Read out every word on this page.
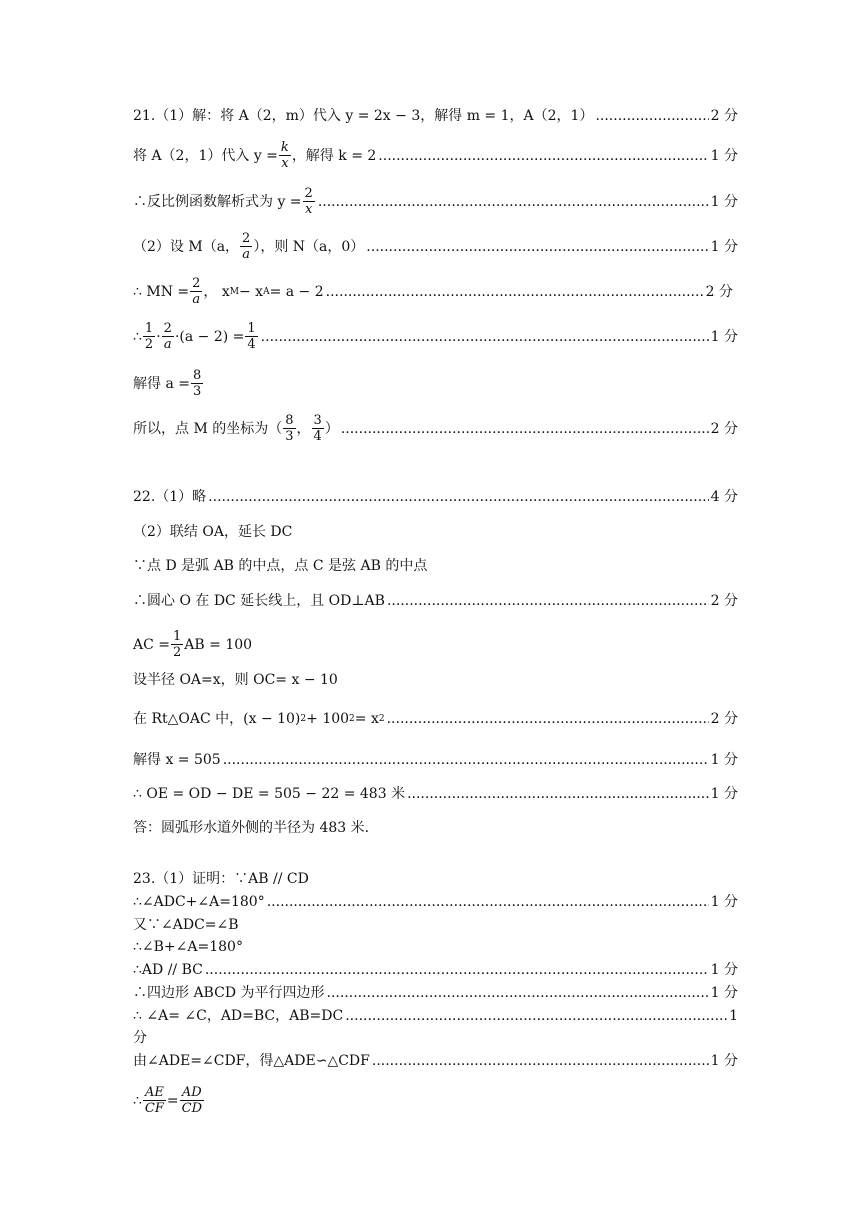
21.（1）解：将 A（2，m）代入 y = 2x − 3，解得 m = 1，A（2，1） .....	2 分
将 A（2，1）代入 $y = \frac{k}{x}$ ，解得 k = 2 .....	1 分
∴反比例函数解析式为 $y = \frac{2}{x}$ .....	1 分
（2）设 M（a， $\frac{2}{a}$ ），则 N（a，0） .....	1 分
∴ MN = $\frac{2}{a}$ ， x M − x A = a − 2 .....	2 分
∴ $\frac{1}{2} \cdot \frac{2}{a} \cdot(a - 2) = \frac{1}{4}$ .....	1 分
解得 $a = \frac{8}{3}$
所以，点 M 的坐标为（ $\frac{8}{3}$ ， $\frac{3}{4}$ ） .....	2 分
22.（1）略 .....	4 分
（2）联结 OA，延长 DC
∵点 D 是弧 AB 的中点，点 C 是弦 AB 的中点
∴圆心 O 在 DC 延长线上，且 OD⊥AB .....	2 分
AC = $\frac{1}{2}$ AB = 100
设半径 OA=x，则 OC= x − 10
在 Rt△OAC 中，(x − 10) 2 + 100 2 = x 2 .....	2 分
解得 x = 505 .....	1 分
∴ OE = OD − DE = 505 − 22 = 483 米 .....	1 分
答：圆弧形水道外侧的半径为 483 米.
23.（1）证明：∵AB // CD
∴∠ADC+∠A=180° .....	1 分
又∵∠ADC=∠B
∴∠B+∠A=180°
∴AD // BC .....	1 分
∴四边形 ABCD 为平行四边形 .....	1 分
∴ ∠A= ∠C，AD=BC，AB=DC .....	1
分
由∠ADE=∠CDF，得△ADE∽△CDF .....	1 分
∴ $\frac{AE}{CF} = \frac{AD}{CD}$
